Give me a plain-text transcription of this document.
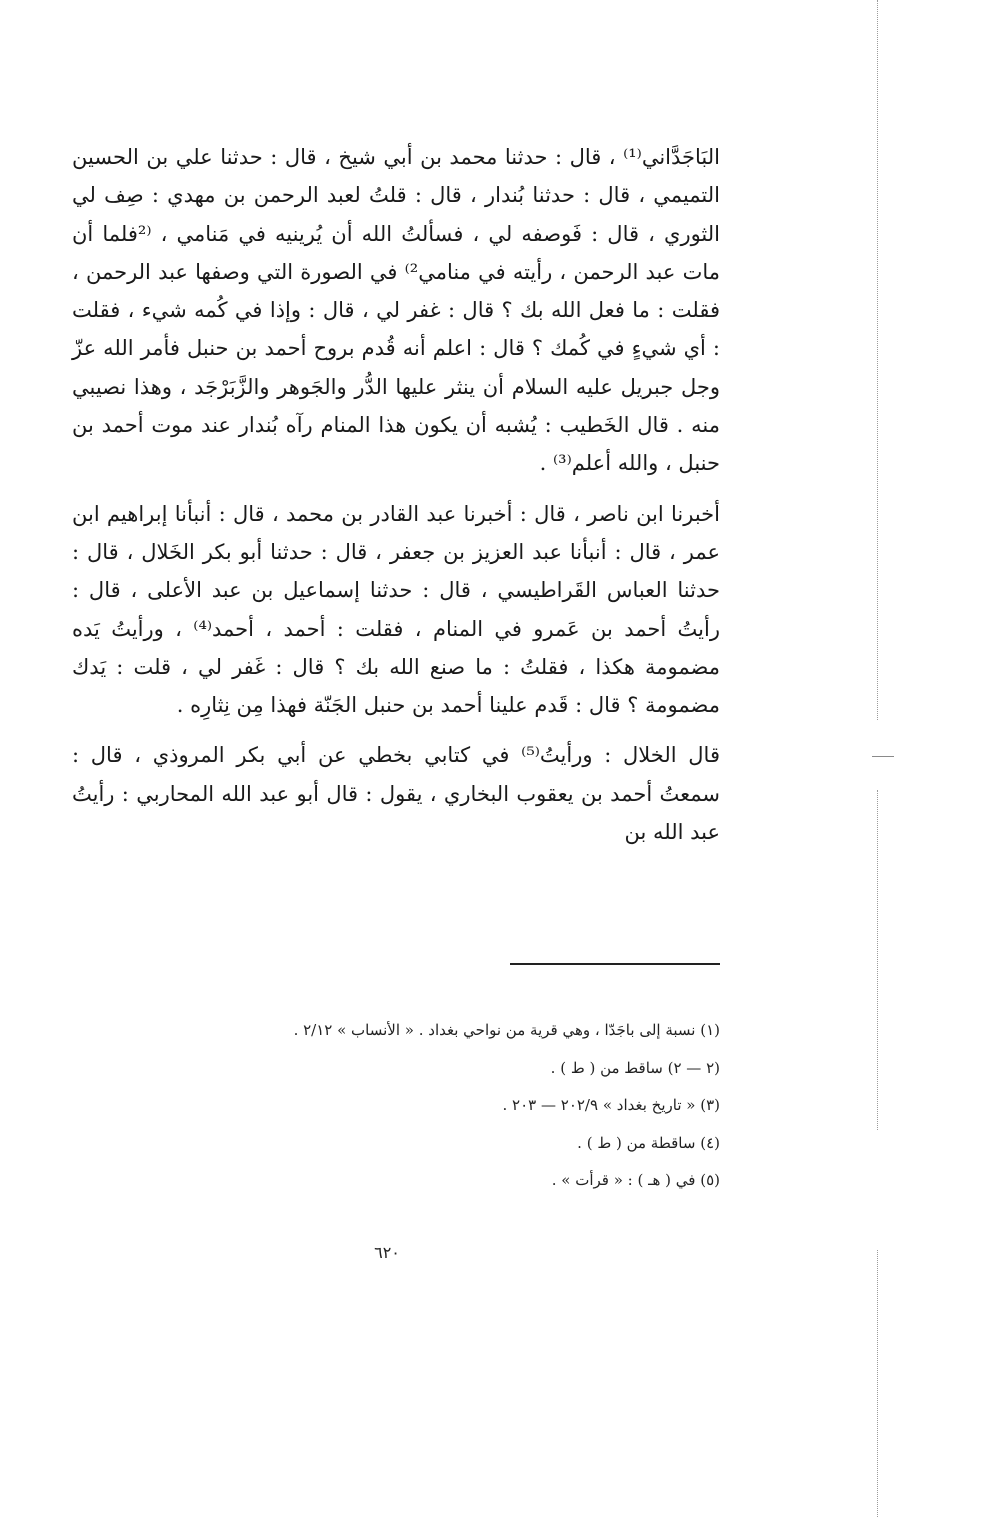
البَاجَدَّاني⁽¹⁾ ، قال : حدثنا محمد بن أبي شيخ ، قال : حدثنا علي بن الحسين التميمي ، قال : حدثنا بُندار ، قال : قلتُ لعبد الرحمن بن مهدي : صِف لي الثوري ، قال : فَوصفه لي ، فسألتُ الله أن يُرينيه في مَنامي ، ⁽²فلما أن مات عبد الرحمن ، رأيته في منامي²⁾ في الصورة التي وصفها عبد الرحمن ، فقلت : ما فعل الله بك ؟ قال : غفر لي ، قال : وإذا في كُمه شيء ، فقلت : أي شيءٍ في كُمك ؟ قال : اعلم أنه قُدم بروح أحمد بن حنبل فأمر الله عزّ وجل جبريل عليه السلام أن ينثر عليها الدُّر والجَوهر والزَّبَرْجَد ، وهذا نصيبي منه . قال الخَطيب : يُشبه أن يكون هذا المنام رآه بُندار عند موت أحمد بن حنبل ، والله أعلم⁽³⁾ .

أخبرنا ابن ناصر ، قال : أخبرنا عبد القادر بن محمد ، قال : أنبأنا إبراهيم ابن عمر ، قال : أنبأنا عبد العزيز بن جعفر ، قال : حدثنا أبو بكر الخَلال ، قال : حدثنا العباس القَراطيسي ، قال : حدثنا إسماعيل بن عبد الأعلى ، قال : رأيتُ أحمد بن عَمرو في المنام ، فقلت : أحمد ، أحمد⁽⁴⁾ ، ورأيتُ يَده مضمومة هكذا ، فقلتُ : ما صنع الله بك ؟ قال : غَفر لي ، قلت : يَدك مضمومة ؟ قال : قَدم علينا أحمد بن حنبل الجَنّة فهذا مِن نِثارِه .

قال الخلال : ورأيتُ⁽⁵⁾ في كتابي بخطي عن أبي بكر المروذي ، قال : سمعتُ أحمد بن يعقوب البخاري ، يقول : قال أبو عبد الله المحاربي : رأيتُ عبد الله بن

(١) نسبة إلى باجَدّا ، وهي قرية من نواحي بغداد . « الأنساب » ٢/١٢ .
(٢ — ٢) ساقط من ( ط ) .
(٣) « تاريخ بغداد » ٢٠٢/٩ — ٢٠٣ .
(٤) ساقطة من ( ط ) .
(٥) في ( هـ ) : « قرأت » .
٦٢٠
